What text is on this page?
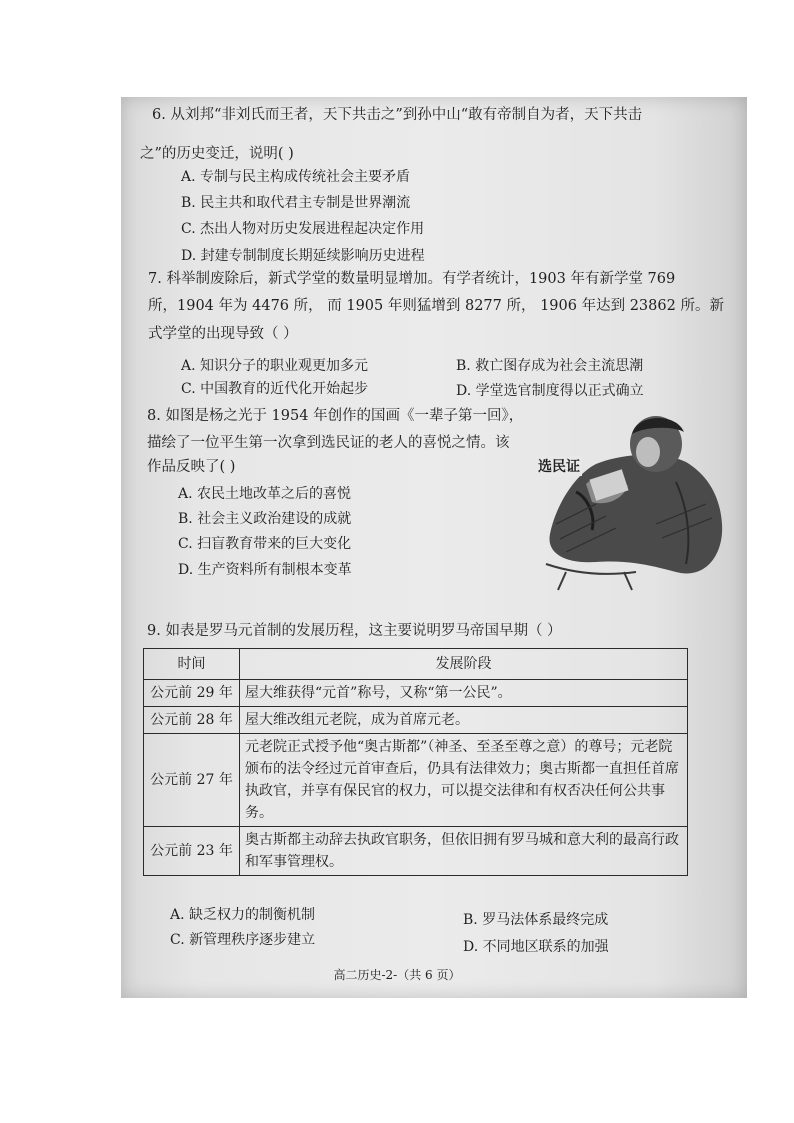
6. 从刘邦“非刘氏而王者，天下共击之”到孙中山“敢有帝制自为者，天下共击
之”的历史变迁，说明( )
A. 专制与民主构成传统社会主要矛盾
B. 民主共和取代君主专制是世界潮流
C. 杰出人物对历史发展进程起决定作用
D. 封建专制制度长期延续影响历史进程
7. 科举制废除后，新式学堂的数量明显增加。有学者统计，1903 年有新学堂 769
所，1904 年为 4476 所， 而 1905 年则猛增到 8277 所， 1906 年达到 23862 所。新
式学堂的出现导致（ ）
A. 知识分子的职业观更加多元	B. 救亡图存成为社会主流思潮
C. 中国教育的近代化开始起步	D. 学堂选官制度得以正式确立
8. 如图是杨之光于 1954 年创作的国画《一辈子第一回》，
描绘了一位平生第一次拿到选民证的老人的喜悦之情。该
作品反映了( )
A. 农民土地改革之后的喜悦
B. 社会主义政治建设的成就
C. 扫盲教育带来的巨大变化
D. 生产资料所有制根本变革
选民证
9. 如表是罗马元首制的发展历程，这主要说明罗马帝国早期（ ）
时间	发展阶段
公元前 29 年	屋大维获得“元首”称号，又称“第一公民”。
公元前 28 年	屋大维改组元老院，成为首席元老。
公元前 27 年	元老院正式授予他“奥古斯都”（神圣、至圣至尊之意）的尊号；元老院颁布的法令经过元首审查后，仍具有法律效力；奥古斯都一直担任首席执政官，并享有保民官的权力，可以提交法律和有权否决任何公共事务。
公元前 23 年	奥古斯都主动辞去执政官职务，但依旧拥有罗马城和意大利的最高行政和军事管理权。
A. 缺乏权力的制衡机制	B. 罗马法体系最终完成
C. 新管理秩序逐步建立	D. 不同地区联系的加强
高二历史-2-（共 6 页）
